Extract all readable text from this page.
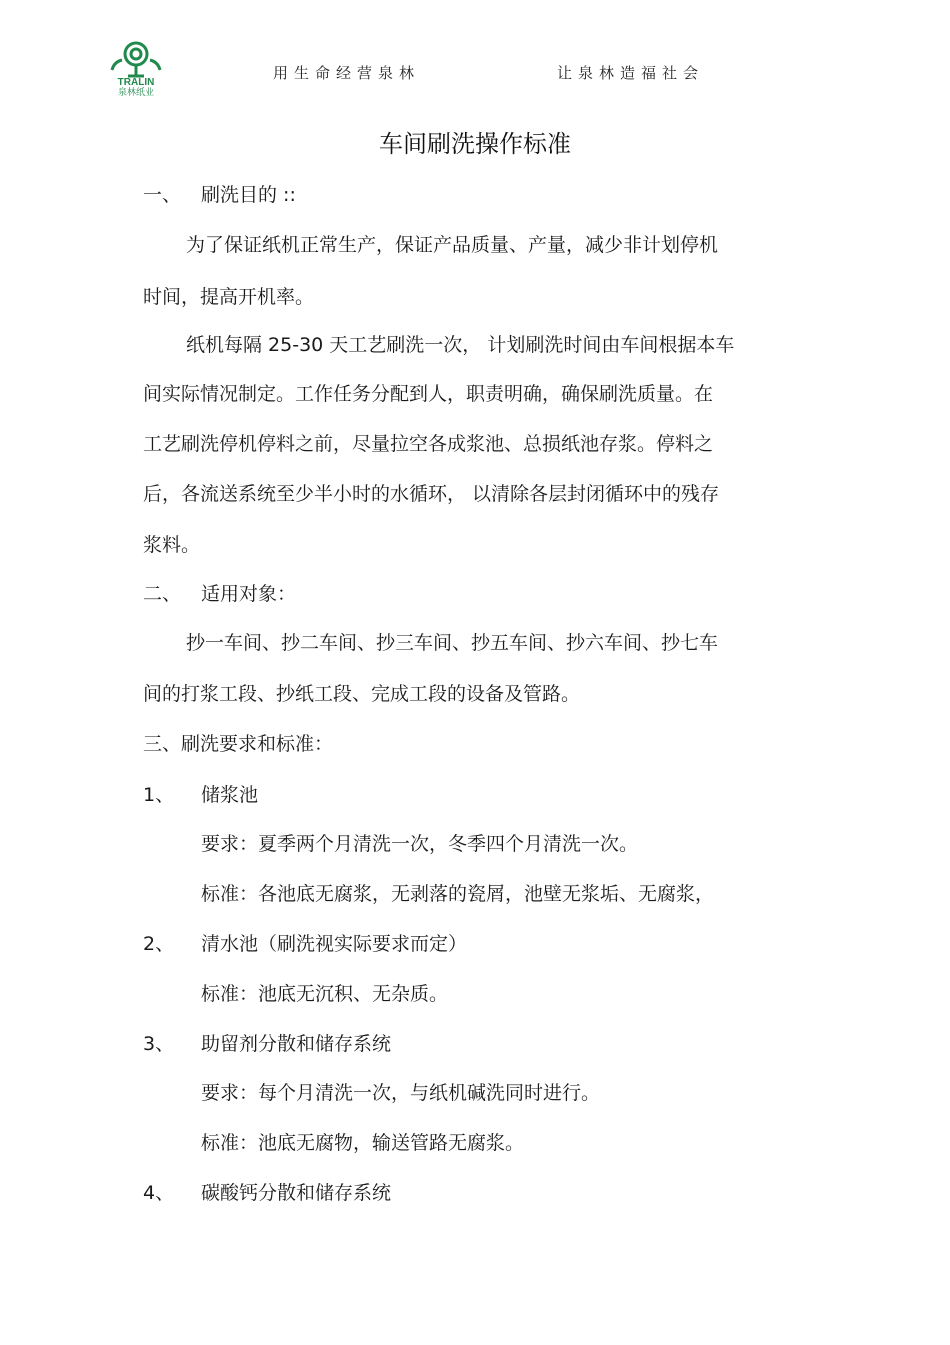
TRALIN
泉林纸业
用生命经营泉林	让泉林造福社会
车间刷洗操作标准
一、 刷洗目的 ::
为了保证纸机正常生产，保证产品质量、产量，减少非计划停机
时间，提高开机率。
纸机每隔 25-30 天工艺刷洗一次， 计划刷洗时间由车间根据本车
间实际情况制定。工作任务分配到人，职责明确，确保刷洗质量。在
工艺刷洗停机停料之前，尽量拉空各成浆池、总损纸池存浆。停料之
后，各流送系统至少半小时的水循环， 以清除各层封闭循环中的残存
浆料。
二、 适用对象：
抄一车间、抄二车间、抄三车间、抄五车间、抄六车间、抄七车
间的打浆工段、抄纸工段、完成工段的设备及管路。
三、刷洗要求和标准：
1、 储浆池
要求：夏季两个月清洗一次，冬季四个月清洗一次。
标准：各池底无腐浆，无剥落的瓷屑，池壁无浆垢、无腐浆，
2、 清水池（刷洗视实际要求而定）
标准：池底无沉积、无杂质。
3、 助留剂分散和储存系统
要求：每个月清洗一次，与纸机碱洗同时进行。
标准：池底无腐物，输送管路无腐浆。
4、 碳酸钙分散和储存系统
